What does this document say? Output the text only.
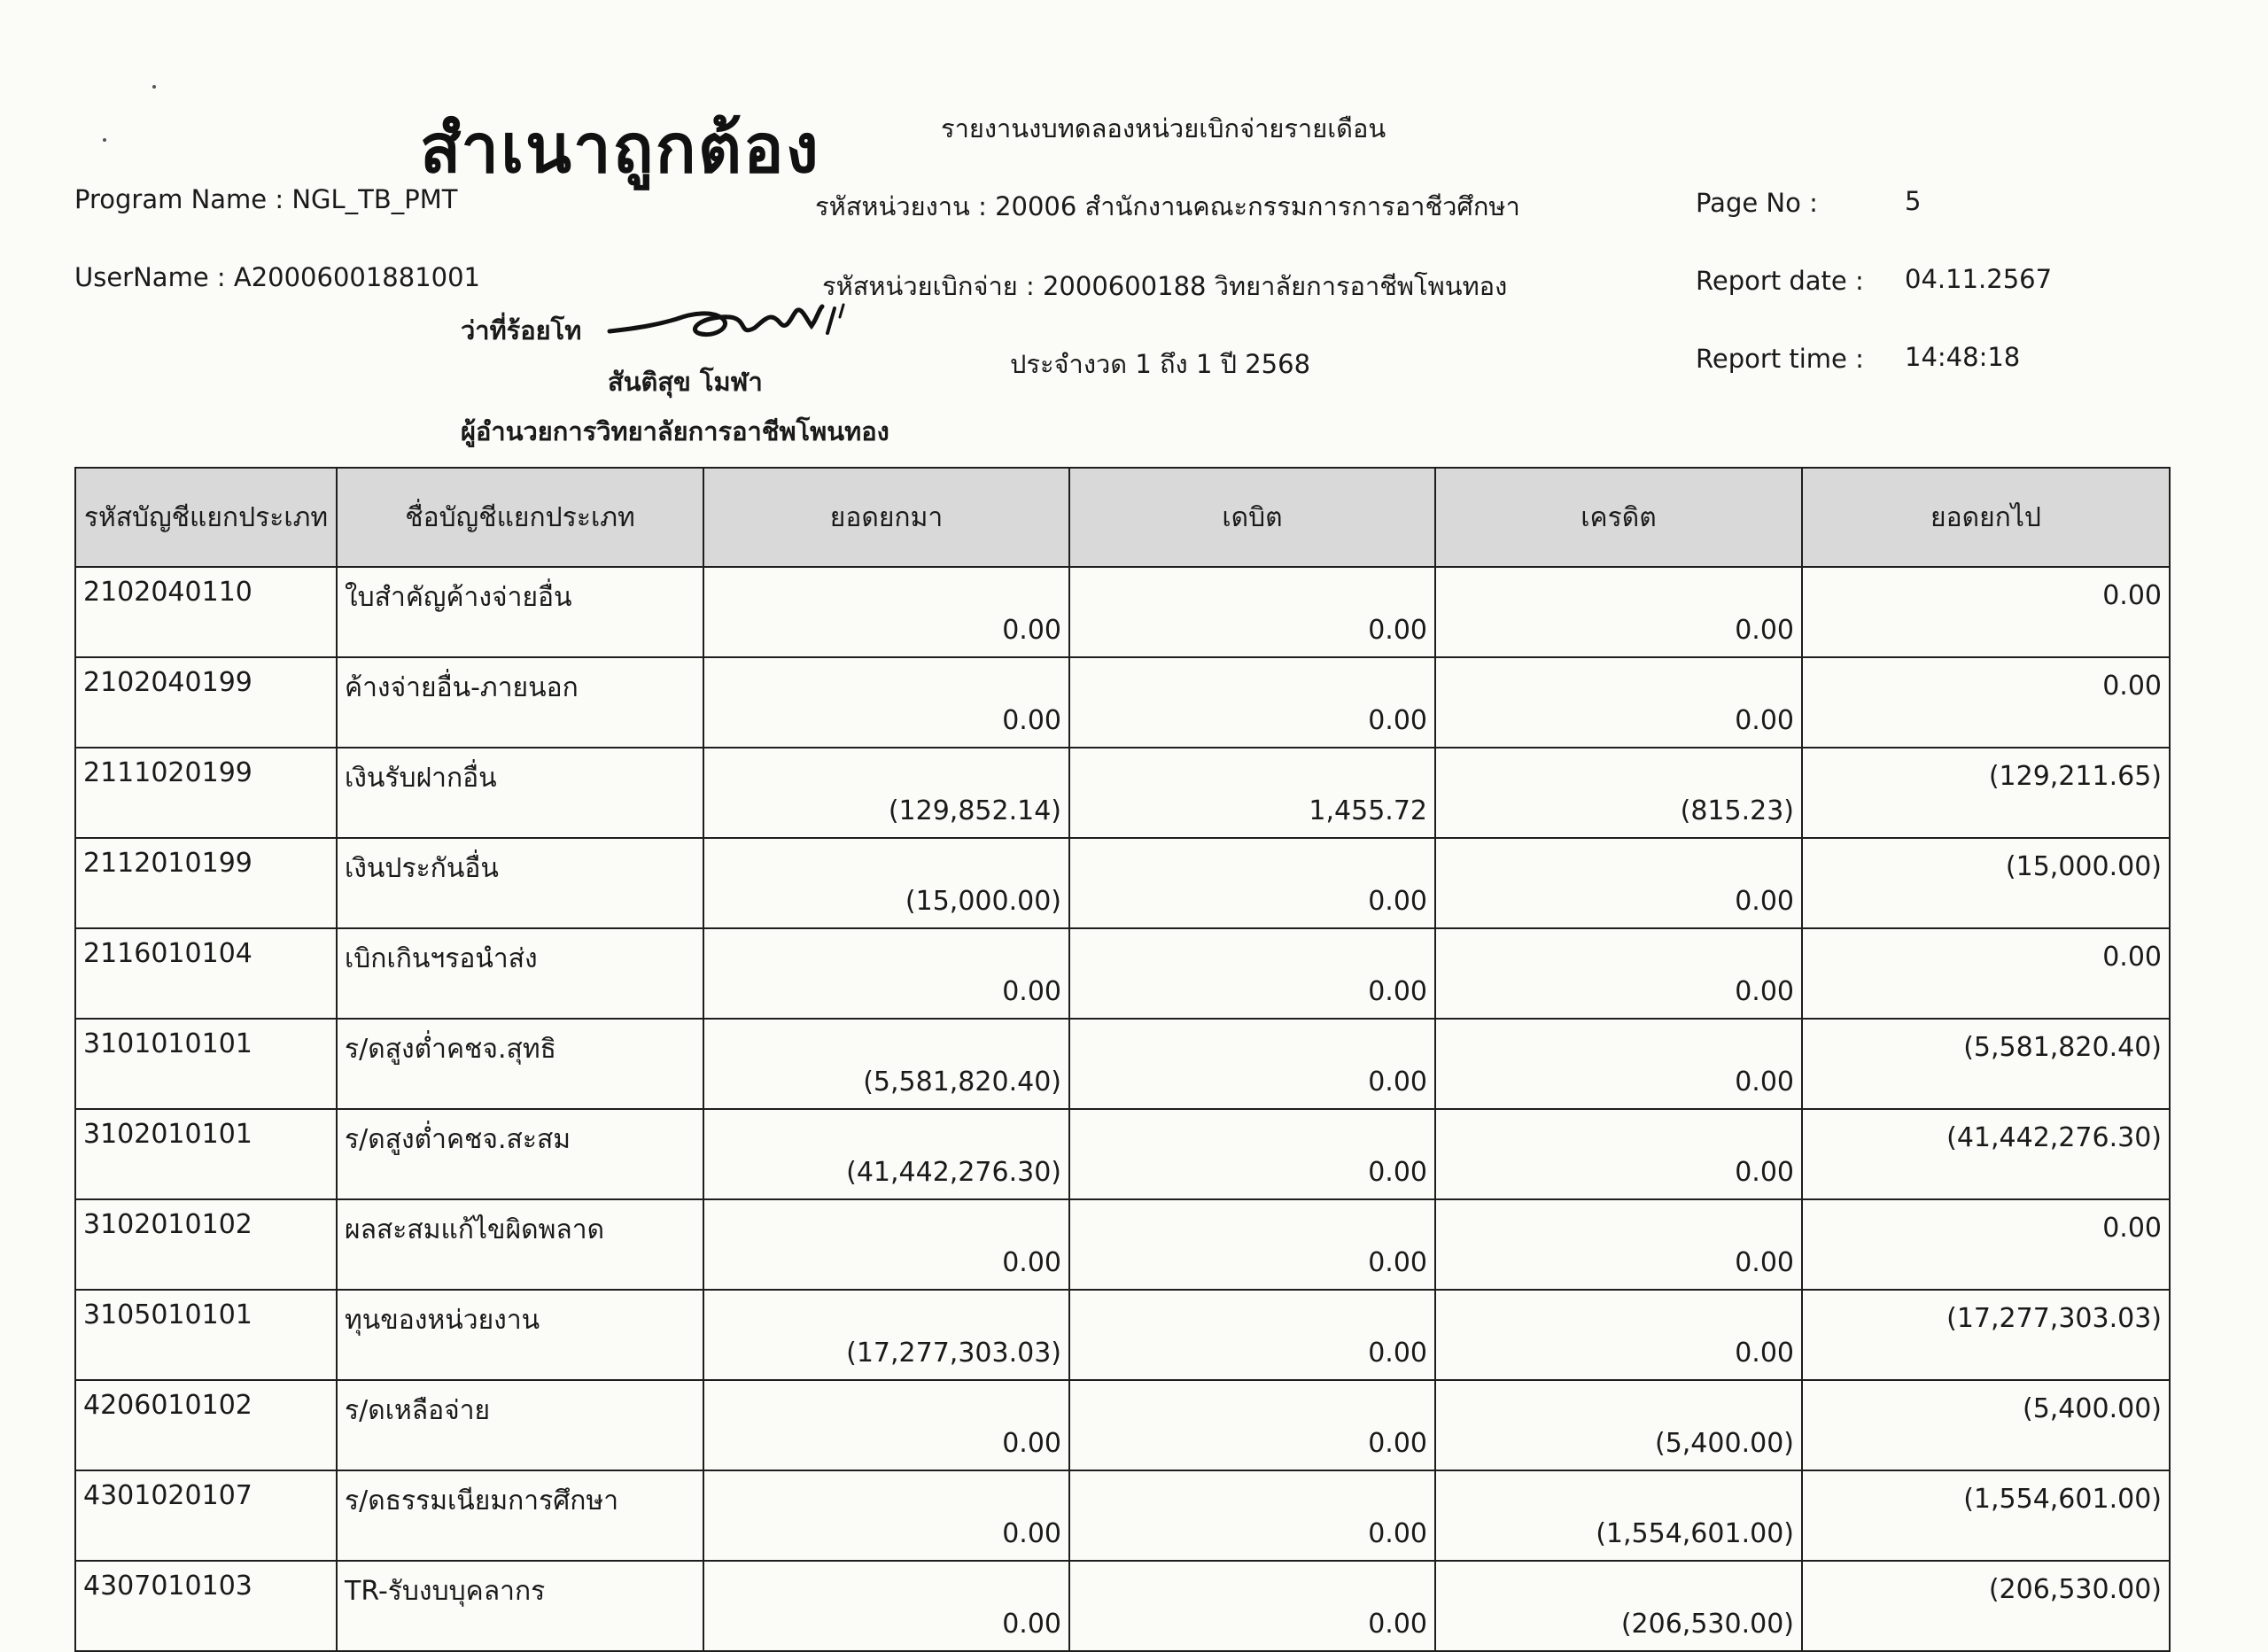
สำเนาถูกต้อง	รายงานงบทดลองหน่วยเบิกจ่ายรายเดือน
Program Name : NGL_TB_PMT	รหัสหน่วยงาน : 20006 สำนักงานคณะกรรมการการอาชีวศึกษา	Page No :	5
UserName : A20006001881001	รหัสหน่วยเบิกจ่าย : 2000600188 วิทยาลัยการอาชีพโพนทอง	Report date : 04.11.2567
ว่าที่ร้อยโท
ประจำงวด 1 ถึง 1 ปี 2568	Report time : 14:48:18
สันติสุข โมฬา
ผู้อำนวยการวิทยาลัยการอาชีพโพนทอง
รหัสบัญชีแยกประเภท	ชื่อบัญชีแยกประเภท	ยอดยกมา	เดบิต	เครดิต	ยอดยกไป
2102040110	ใบสำคัญค้างจ่ายอื่น	0.00	0.00	0.00	0.00
2102040199	ค้างจ่ายอื่น-ภายนอก	0.00	0.00	0.00	0.00
2111020199	เงินรับฝากอื่น	(129,852.14)	1,455.72	(815.23)	(129,211.65)
2112010199	เงินประกันอื่น	(15,000.00)	0.00	0.00	(15,000.00)
2116010104	เบิกเกินฯรอนำส่ง	0.00	0.00	0.00	0.00
3101010101	ร/ดสูงต่ำคชจ.สุทธิ	(5,581,820.40)	0.00	0.00	(5,581,820.40)
3102010101	ร/ดสูงต่ำคชจ.สะสม	(41,442,276.30)	0.00	0.00	(41,442,276.30)
3102010102	ผลสะสมแก้ไขผิดพลาด	0.00	0.00	0.00	0.00
3105010101	ทุนของหน่วยงาน	(17,277,303.03)	0.00	0.00	(17,277,303.03)
4206010102	ร/ดเหลือจ่าย	0.00	0.00	(5,400.00)	(5,400.00)
4301020107	ร/ดธรรมเนียมการศึกษา	0.00	0.00	(1,554,601.00)	(1,554,601.00)
4307010103	TR-รับงบบุคลากร	0.00	0.00	(206,530.00)	(206,530.00)
